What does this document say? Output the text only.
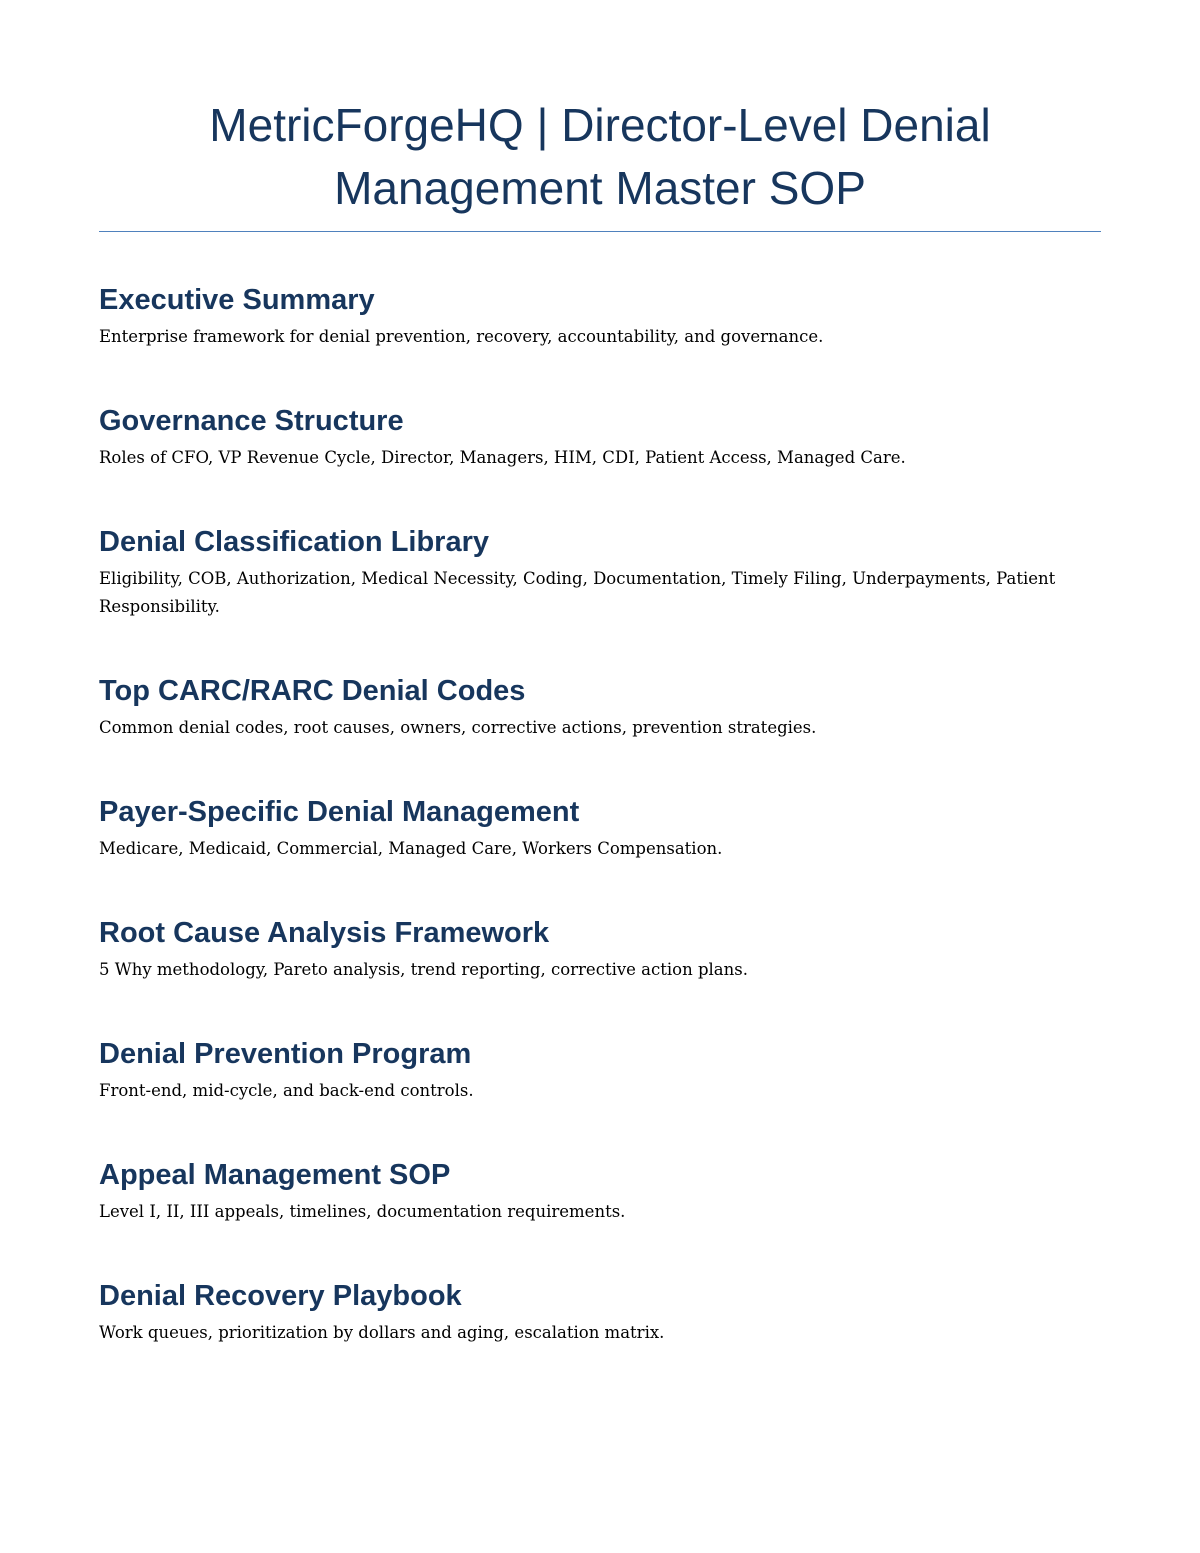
MetricForgeHQ | Director-Level Denial Management Master SOP
Executive Summary

Enterprise framework for denial prevention, recovery, accountability, and governance.

Governance Structure

Roles of CFO, VP Revenue Cycle, Director, Managers, HIM, CDI, Patient Access, Managed Care.

Denial Classification Library

Eligibility, COB, Authorization, Medical Necessity, Coding, Documentation, Timely Filing, Underpayments, Patient Responsibility.

Top CARC/RARC Denial Codes

Common denial codes, root causes, owners, corrective actions, prevention strategies.

Payer-Specific Denial Management

Medicare, Medicaid, Commercial, Managed Care, Workers Compensation.

Root Cause Analysis Framework

5 Why methodology, Pareto analysis, trend reporting, corrective action plans.

Denial Prevention Program

Front-end, mid-cycle, and back-end controls.

Appeal Management SOP

Level I, II, III appeals, timelines, documentation requirements.

Denial Recovery Playbook

Work queues, prioritization by dollars and aging, escalation matrix.
